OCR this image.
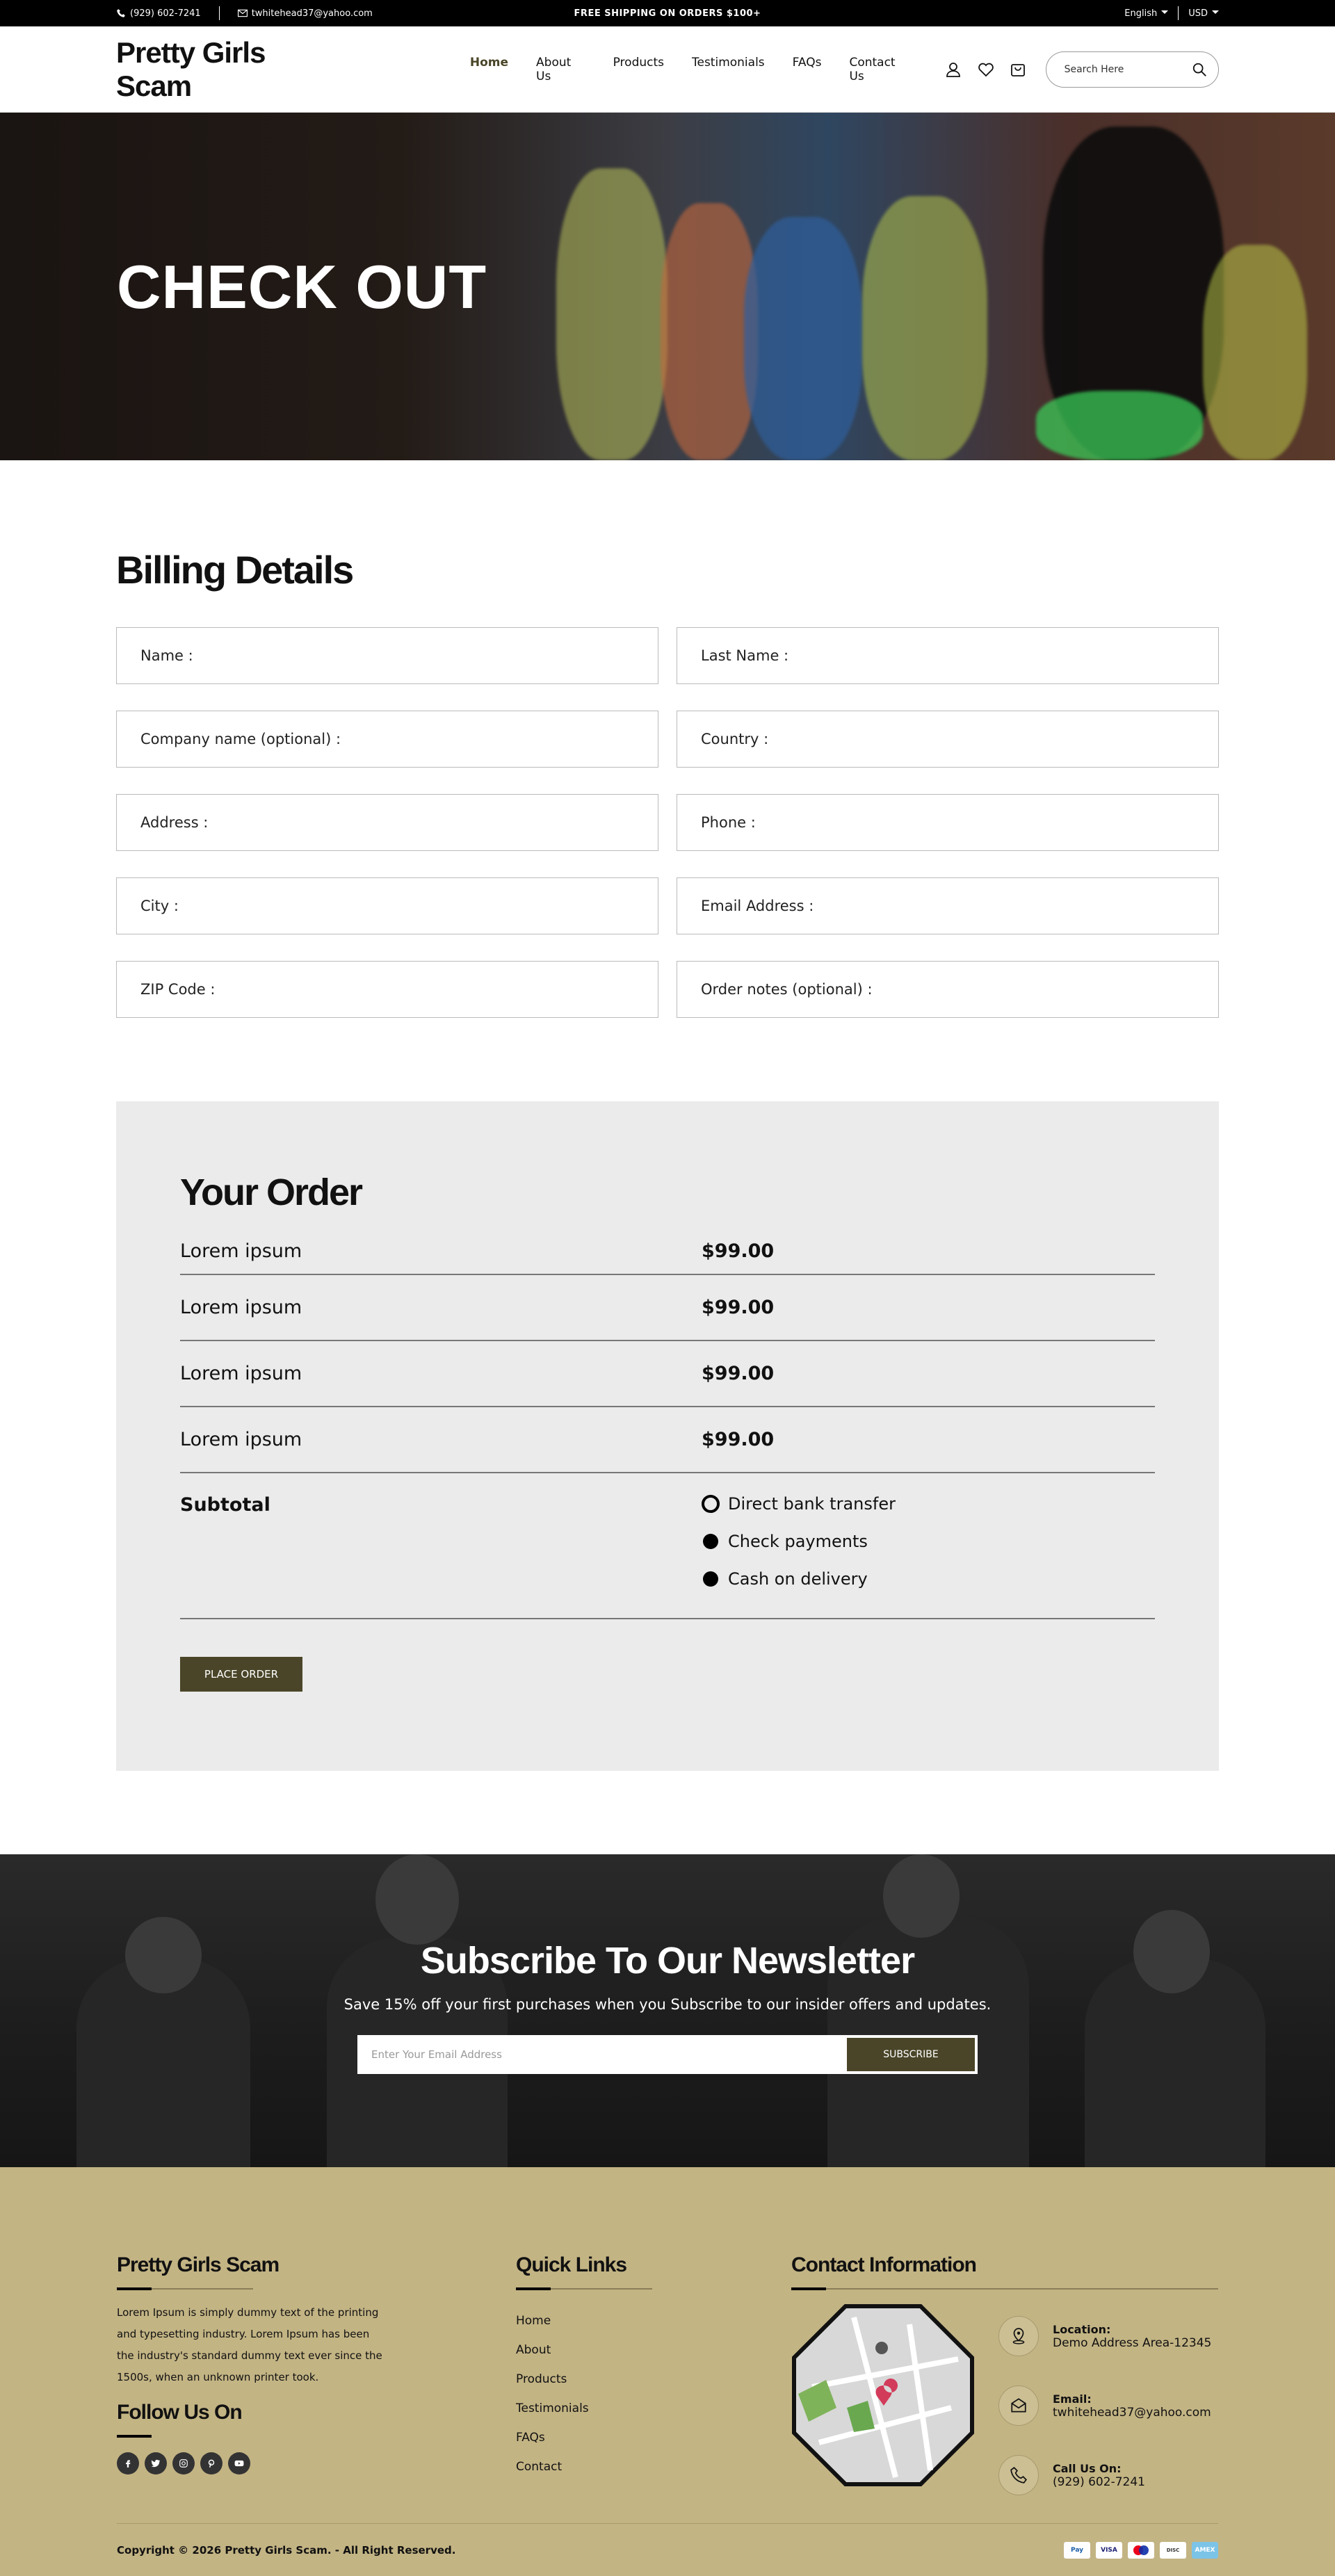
(929) 602-7241	twhitehead37@yahoo.com	FREE SHIPPING ON ORDERS $100+	English	USD
Pretty Girls Scam
Home About Us
Products Testimonials FAQs Contact Us	Search Here
CHECK OUT
Billing Details
Name :	Last Name :
Company name (optional) :	Country :
Address :	Phone :
City :	Email Address :
ZIP Code :	Order notes (optional) :
Your Order
Lorem ipsum	$99.00
Lorem ipsum	$99.00
Lorem ipsum	$99.00
Lorem ipsum	$99.00
Subtotal	Direct bank transfer
Check payments
Cash on delivery
PLACE ORDER
Subscribe To Our Newsletter

Save 15% off your first purchases when you Subscribe to our insider offers and updates.

Enter Your Email Address	SUBSCRIBE
Pretty Girls Scam

Lorem Ipsum is simply dummy text of the printing and typesetting industry. Lorem Ipsum has been the industry's standard dummy text ever since the 1500s, when an unknown printer took.

Follow Us On
Quick Links
Home
About
Products
Testimonials
FAQs
Contact
Contact Information
Location:
Demo Address Area-12345
Email:
twhitehead37@yahoo.com
Call Us On:
(929) 602-7241
Copyright © 2026 Pretty Girls Scam. - All Right Reserved.	Pay	VISA	DISC	AMEX
